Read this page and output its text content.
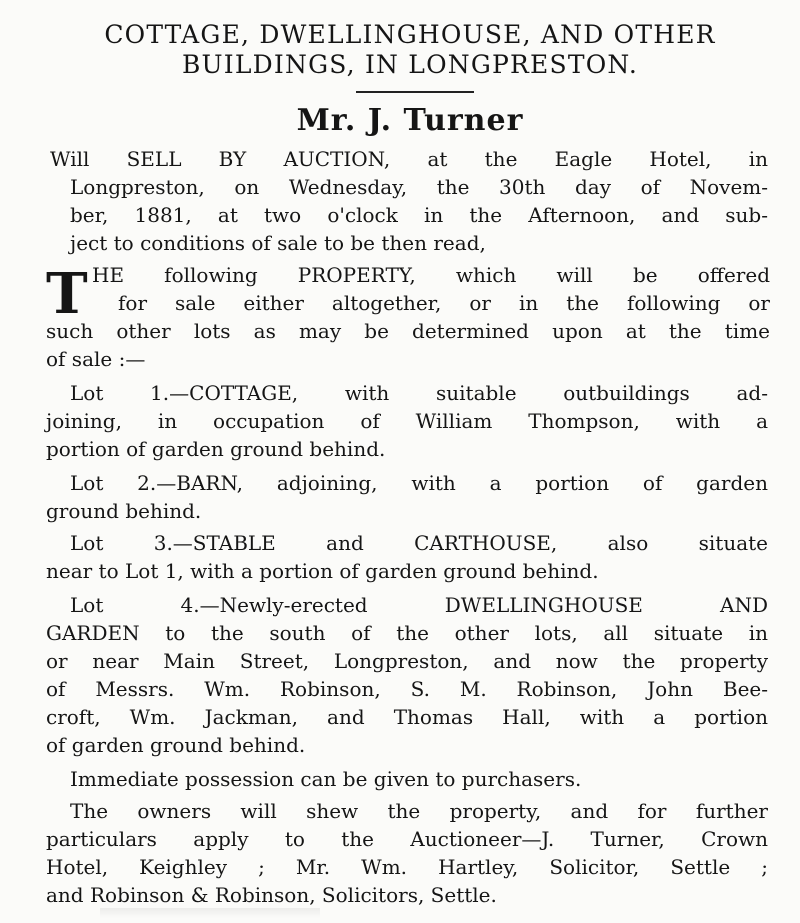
COTTAGE, DWELLINGHOUSE, AND OTHER
BUILDINGS, IN LONGPRESTON.
Mr. J. Turner
Will SELL BY AUCTION, at the Eagle Hotel, in
Longpreston, on Wednesday, the 30th day of Novem-
ber, 1881, at two o'clock in the Afternoon, and sub-
ject to conditions of sale to be then read,
T HE following PROPERTY, which will be offered
for sale either altogether, or in the following or
such other lots as may be determined upon at the time
of sale :—
Lot 1.—COTTAGE, with suitable outbuildings ad-
joining, in occupation of William Thompson, with a
portion of garden ground behind.
Lot 2.—BARN, adjoining, with a portion of garden
ground behind.
Lot 3.—STABLE and CARTHOUSE, also situate
near to Lot 1, with a portion of garden ground behind.
Lot 4.—Newly-erected DWELLINGHOUSE AND
GARDEN to the south of the other lots, all situate in
or near Main Street, Longpreston, and now the property
of Messrs. Wm. Robinson, S. M. Robinson, John Bee-
croft, Wm. Jackman, and Thomas Hall, with a portion
of garden ground behind.
Immediate possession can be given to purchasers.
The owners will shew the property, and for further
particulars apply to the Auctioneer—J. Turner, Crown
Hotel, Keighley ; Mr. Wm. Hartley, Solicitor, Settle ;
and Robinson & Robinson, Solicitors, Settle.
